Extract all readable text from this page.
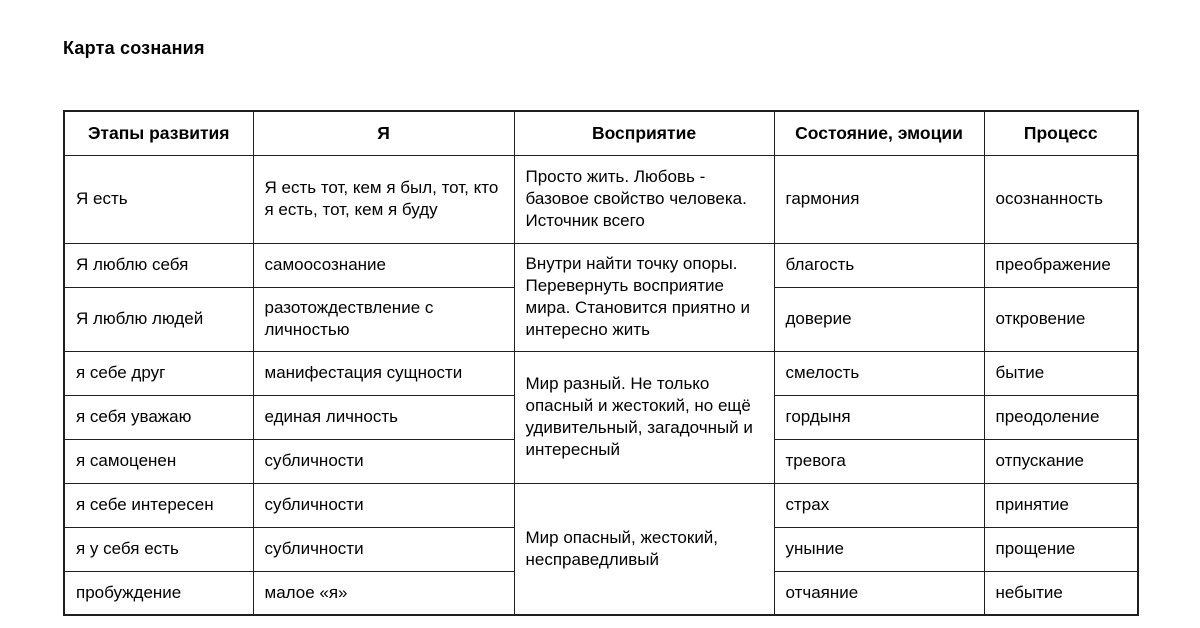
Карта сознания
Этапы развития	Я	Восприятие	Состояние, эмоции	Процесс
Я есть	Я есть тот, кем я был, тот, кто я есть, тот, кем я буду	Просто жить. Любовь - базовое свойство человека. Источник всего	гармония	осознанность
Я люблю себя	самоосознание	Внутри найти точку опоры. Перевернуть восприятие мира. Становится приятно и интересно жить	благость	преображение
Я люблю людей	разотождествление с личностью		доверие	откровение
я себе друг	манифестация сущности	Мир разный. Не только опасный и жестокий, но ещё удивительный, загадочный и интересный	смелость	бытие
я себя уважаю	единая личность		гордыня	преодоление
я самоценен	субличности		тревога	отпускание
я себе интересен	субличности	Мир опасный, жестокий, несправедливый	страх	принятие
я у себя есть	субличности		уныние	прощение
пробуждение	малое «я»		отчаяние	небытие
